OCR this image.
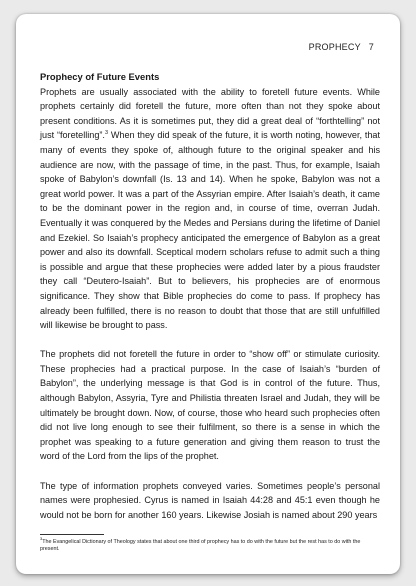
PROPHECY 7

Prophecy of Future Events

Prophets are usually associated with the ability to foretell future events. While prophets certainly did foretell the future, more often than not they spoke about present conditions. As it is sometimes put, they did a great deal of “forthtelling” not just “foretelling”.$^3$ When they did speak of the future, it is worth noting, however, that many of events they spoke of, although future to the original speaker and his audience are now, with the passage of time, in the past. Thus, for example, Isaiah spoke of Babylon’s downfall (Is. 13 and 14). When he spoke, Babylon was not a great world power. It was a part of the Assyrian empire. After Isaiah’s death, it came to be the dominant power in the region and, in course of time, overran Judah. Eventually it was conquered by the Medes and Persians during the lifetime of Daniel and Ezekiel. So Isaiah’s prophecy anticipated the emergence of Babylon as a great power and also its downfall. Sceptical modern scholars refuse to admit such a thing is possible and argue that these prophecies were added later by a pious fraudster they call “Deutero-Isaiah”. But to believers, his prophecies are of enormous significance. They show that Bible prophecies do come to pass. If prophecy has already been fulfilled, there is no reason to doubt that those that are still unfulfilled will likewise be brought to pass.

The prophets did not foretell the future in order to “show off” or stimulate curiosity. These prophecies had a practical purpose. In the case of Isaiah’s “burden of Babylon”, the underlying message is that God is in control of the future. Thus, although Babylon, Assyria, Tyre and Philistia threaten Israel and Judah, they will be ultimately be brought down. Now, of course, those who heard such prophecies often did not live long enough to see their fulfilment, so there is a sense in which the prophet was speaking to a future generation and giving them reason to trust the word of the Lord from the lips of the prophet.

The type of information prophets conveyed varies. Sometimes people’s personal names were prophesied. Cyrus is named in Isaiah 44:28 and 45:1 even though he would not be born for another 160 years. Likewise Josiah is named about 290 years

$^3$The Evangelical Dictionary of Theology states that about one third of prophecy has to do with the future but the rest has to do with the present.
